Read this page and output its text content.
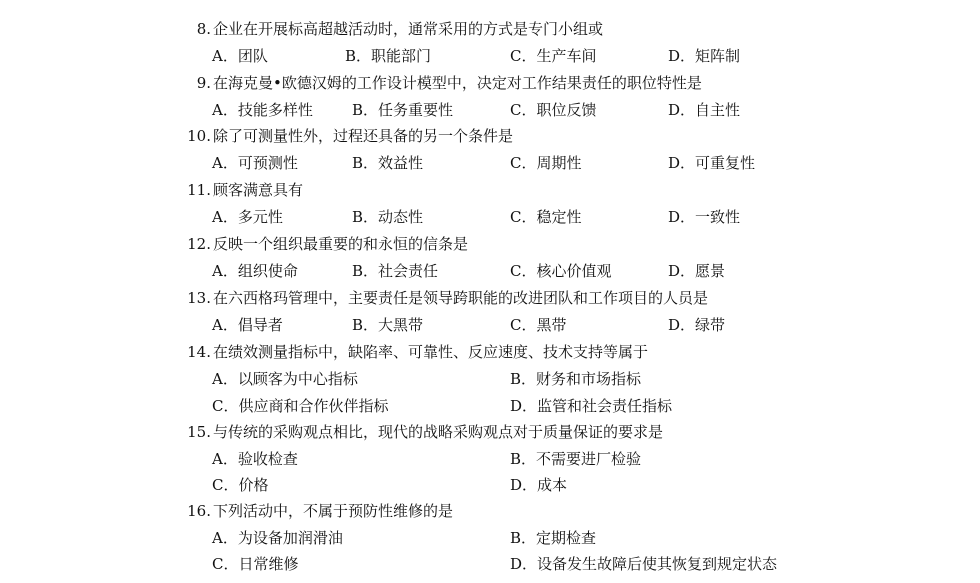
8. 企业在开展标高超越活动时，通常采用的方式是专门小组或
A．团队	B．职能部门	C．生产车间	D．矩阵制
9. 在海克曼•欧德汉姆的工作设计模型中，决定对工作结果责任的职位特性是
A．技能多样性	B．任务重要性	C．职位反馈	D．自主性
10. 除了可测量性外，过程还具备的另一个条件是
A．可预测性	B．效益性	C．周期性	D．可重复性
11. 顾客满意具有
A．多元性	B．动态性	C．稳定性	D．一致性
12. 反映一个组织最重要的和永恒的信条是
A．组织使命	B．社会责任	C．核心价值观	D．愿景
13. 在六西格玛管理中，主要责任是领导跨职能的改进团队和工作项目的人员是
A．倡导者	B．大黑带	C．黑带	D．绿带
14. 在绩效测量指标中，缺陷率、可靠性、反应速度、技术支持等属于
A．以顾客为中心指标	B．财务和市场指标
C．供应商和合作伙伴指标	D．监管和社会责任指标
15. 与传统的采购观点相比，现代的战略采购观点对于质量保证的要求是
A．验收检查	B．不需要进厂检验
C．价格	D．成本
16. 下列活动中，不属于预防性维修的是
A．为设备加润滑油	B．定期检查
C．日常维修	D．设备发生故障后使其恢复到规定状态
